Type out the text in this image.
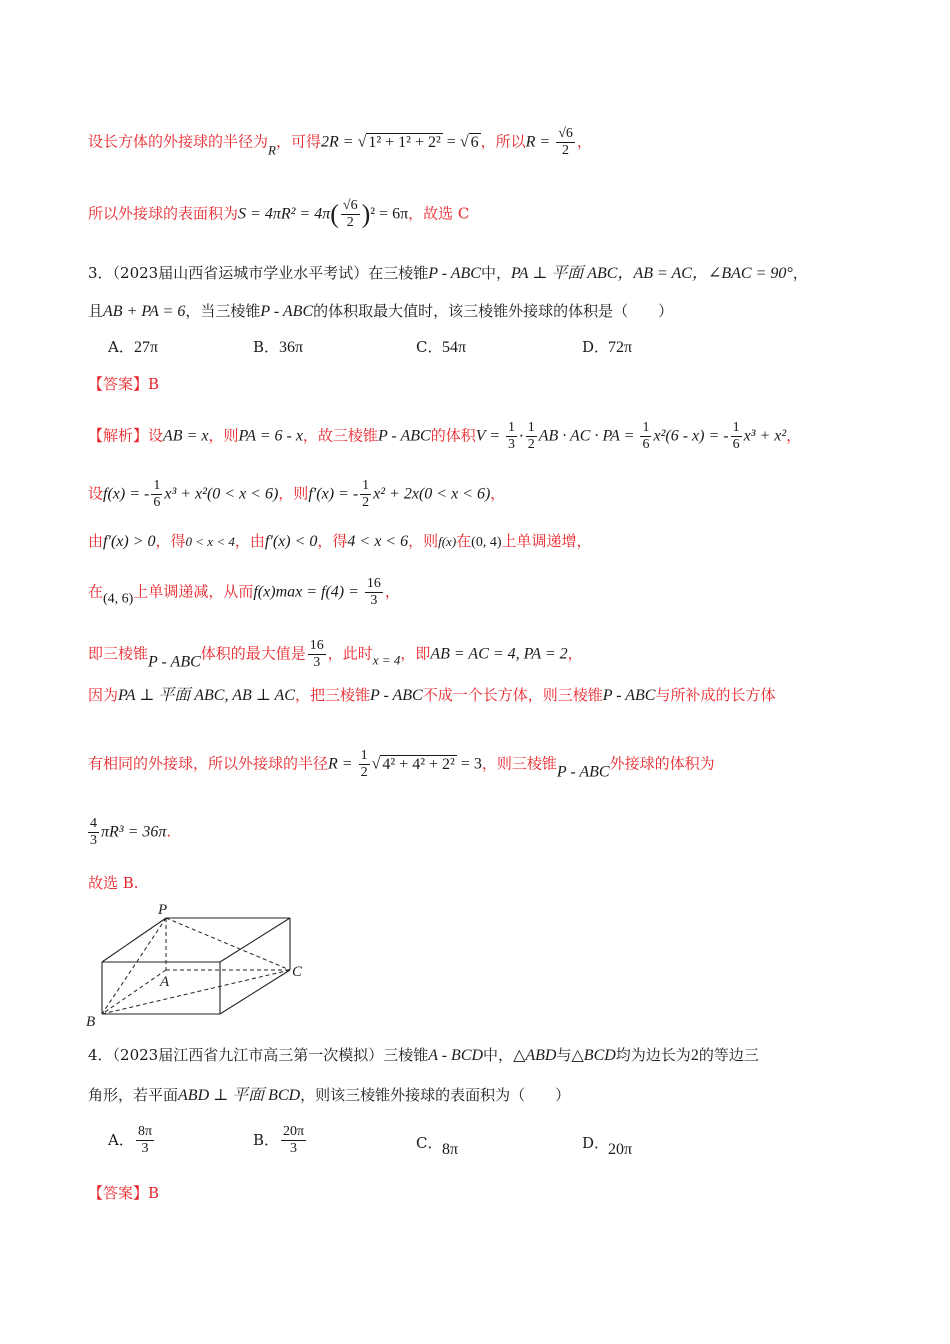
设长方体的外接球的半径为R，可得2R = √ 1² + 1² + 2² = √ 6 ，所以$R = \frac{√6}{2}$ ，
所以外接球的表面积为$S = 4\pi R^2 = 4\pi( \frac{√6}{2} )^2 = 6\pi$，故选 C
3．（2023届山西省运城市学业水平考试）在三棱锥P - ABC中，PA ⊥ 平面 ABC，AB = AC，∠BAC = 90°，
且AB + PA = 6，当三棱锥P - ABC的体积取最大值时，该三棱锥外接球的体积是（　　）
A．27π	B．36π	C．54π	D．72π
【答案】B
【解析】设AB = x，则PA = 6 - x，故三棱锥P - ABC的体积$V = \frac{1}{3} \cdot \frac{1}{2}$ AB · AC · PA = $\frac{1}{6} x^2(6 - x)$ = - $\frac{1}{6} x^3 + x^2$，
设f(x) = - $\frac{1}{6} x^3 + x^2(0 < x < 6)$，则f′(x) = - $\frac{1}{2} x^2 + 2x(0 < x < 6)$，
由f′(x) > 0，得0 < x < 4，由f′(x) < 0，得4 < x < 6，则f(x)在(0, 4)上单调递增，
在(4, 6)上单调递减，从而$f(x)\max = f(4) = \frac{16}{3}$ ，
即三棱锥P - ABC体积的最大值是 $\frac{16}{3}$ ，此时x = 4，即AB = AC = 4, PA = 2，
因为PA ⊥ 平面 ABC, AB ⊥ AC，把三棱锥P - ABC不成一个长方体，则三棱锥P - ABC与所补成的长方体
有相同的外接球，所以外接球的半径$R = \frac{1}{2}$ √ 4² + 4² + 2² = 3，则三棱锥P - ABC外接球的体积为
$\frac{4}{3} \pi R^3 = 36\pi$.
故选 B.
P
A
B
C
4．（2023届江西省九江市高三第一次模拟）三棱锥A - BCD中，△ABD与△BCD均为边长为2的等边三
角形，若平面ABD ⊥ 平面 BCD，则该三棱锥外接球的表面积为（　　）
A． $\frac{8\pi}{3}$	B． $\frac{20\pi}{3}$	C．8π	D．20π
【答案】B
